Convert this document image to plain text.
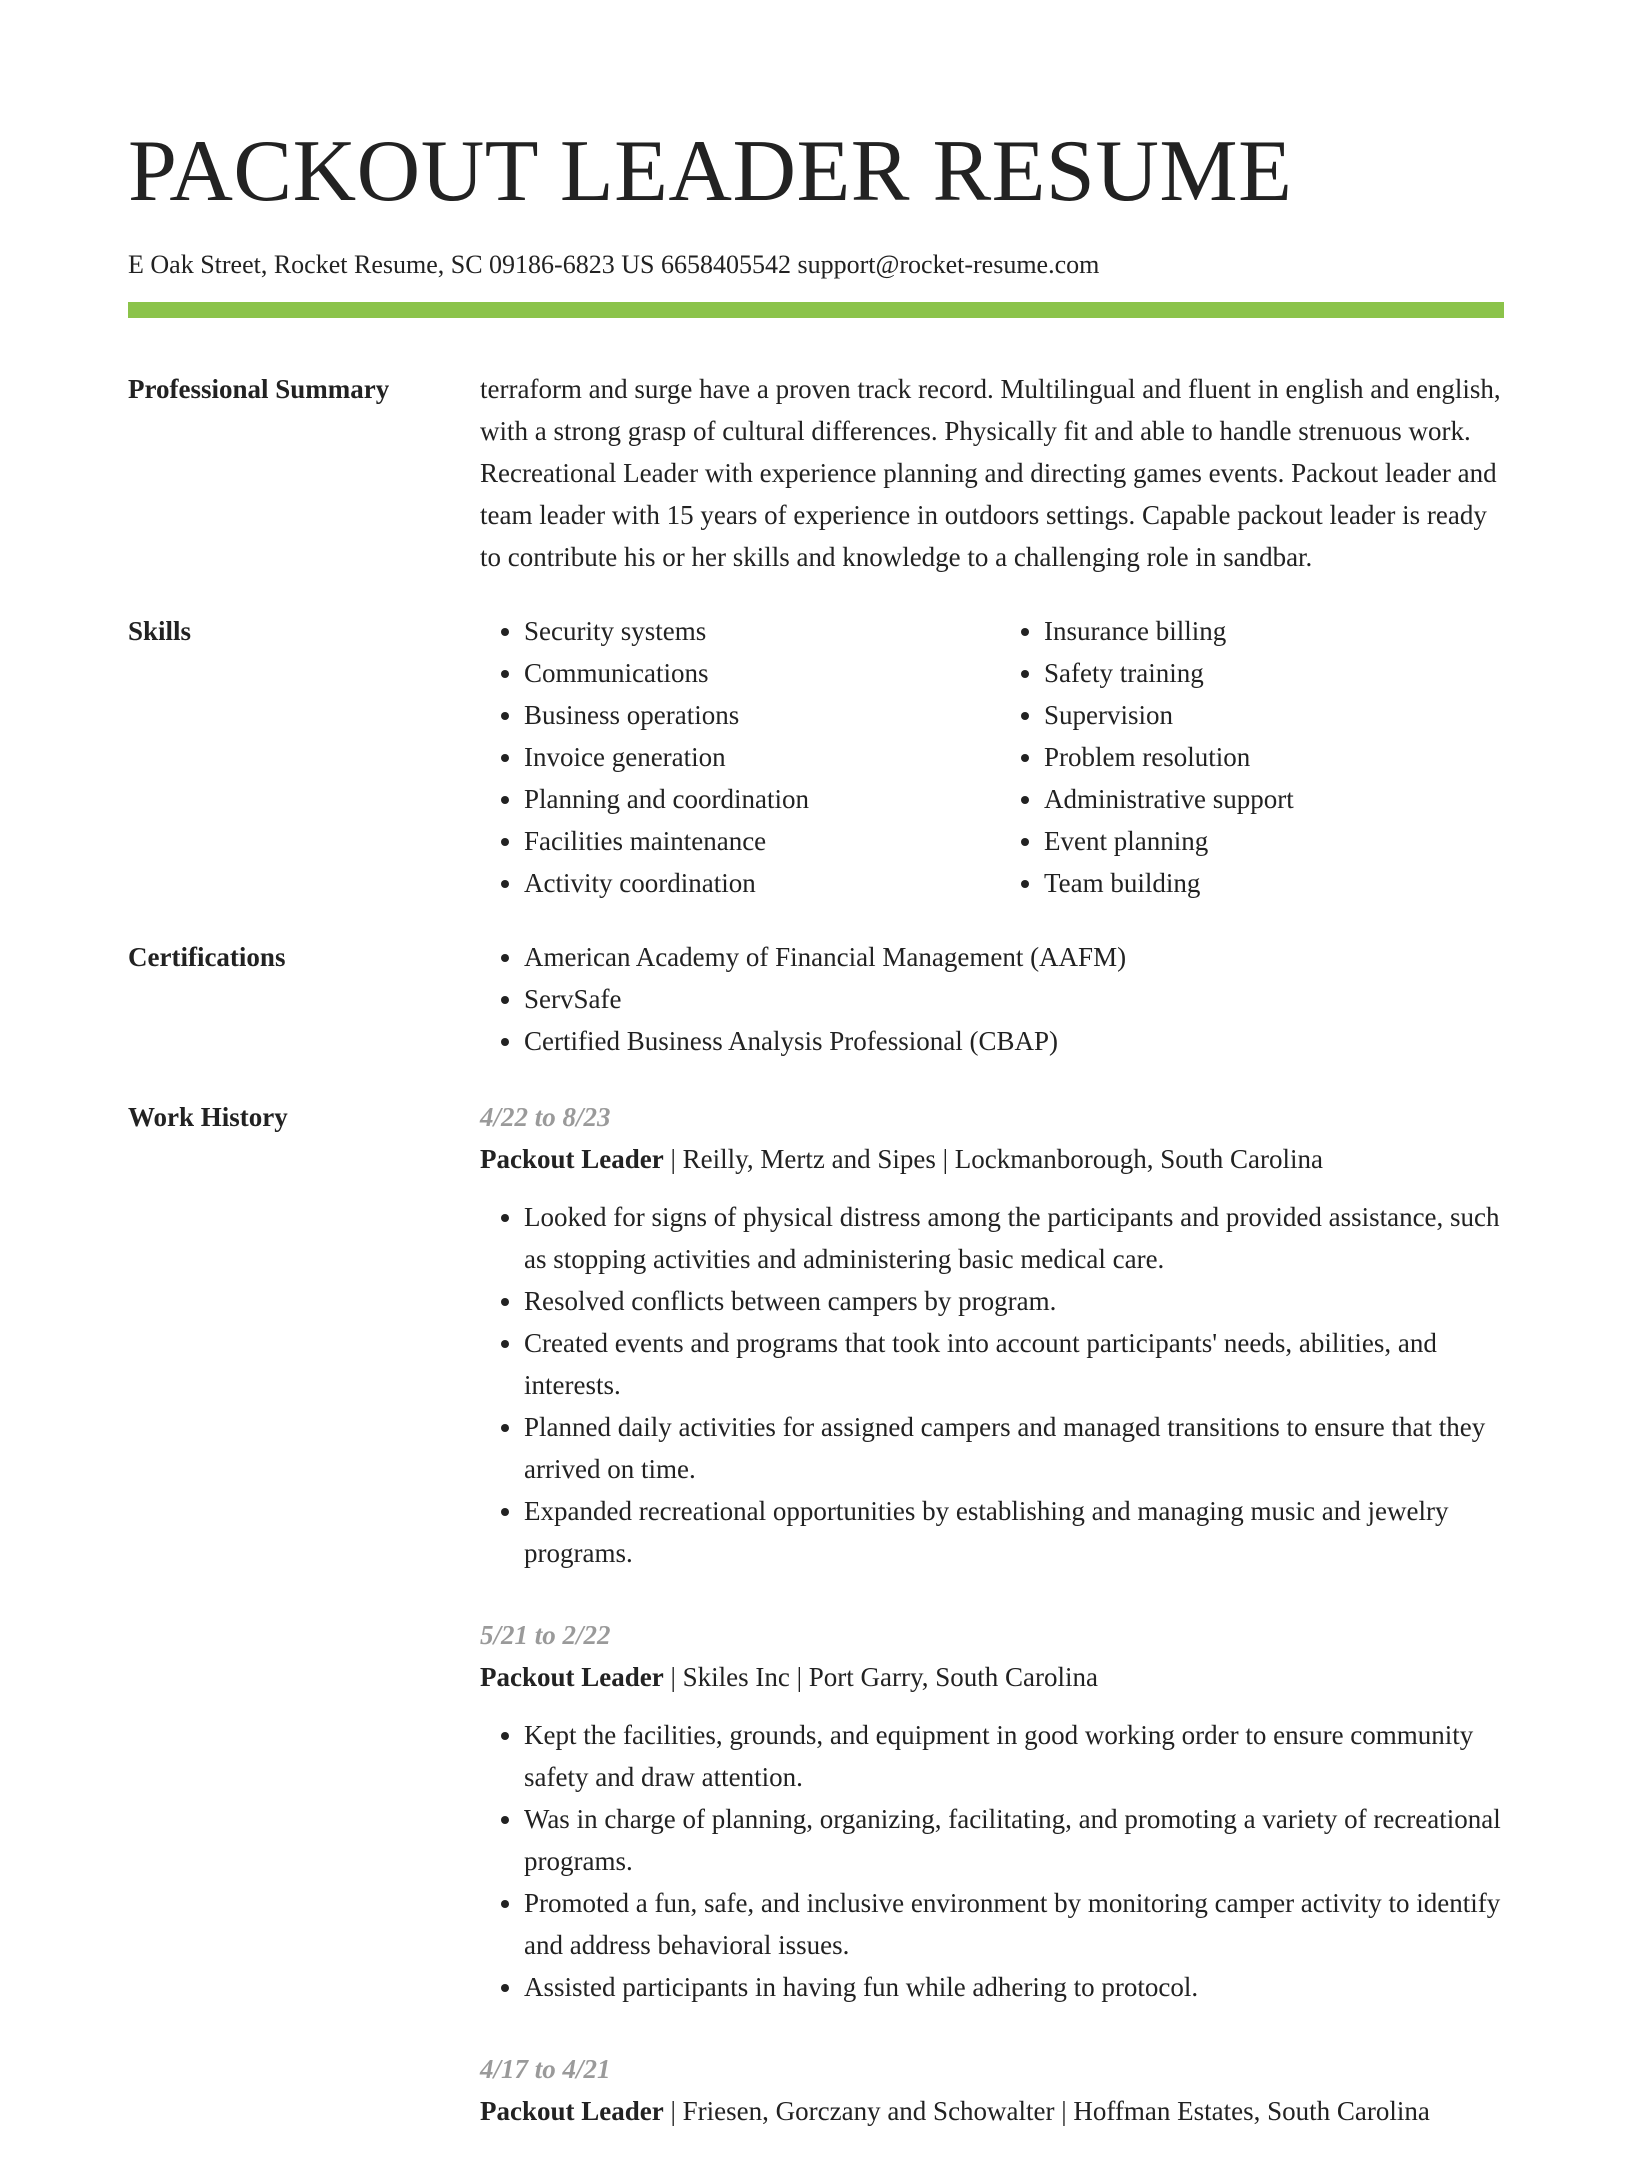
PACKOUT LEADER RESUME
E Oak Street, Rocket Resume, SC 09186-6823 US 6658405542 support@rocket-resume.com
Professional Summary	terraform and surge have a proven track record. Multilingual and fluent in english and english, with a strong grasp of cultural differences. Physically fit and able to handle strenuous work. Recreational Leader with experience planning and directing games events. Packout leader and team leader with 15 years of experience in outdoors settings. Capable packout leader is ready to contribute his or her skills and knowledge to a challenging role in sandbar.
Skills	• Security systems
• Communications
• Business operations
• Invoice generation
• Planning and coordination
• Facilities maintenance
• Activity coordination
• Insurance billing
• Safety training
• Supervision
• Problem resolution
• Administrative support
• Event planning
• Team building
Certifications	• American Academy of Financial Management (AAFM)
• ServSafe
• Certified Business Analysis Professional (CBAP)
Work History	4/22 to 8/23
Packout Leader | Reilly, Mertz and Sipes | Lockmanborough, South Carolina
• Looked for signs of physical distress among the participants and provided assistance, such as stopping activities and administering basic medical care.
• Resolved conflicts between campers by program.
• Created events and programs that took into account participants' needs, abilities, and interests.
• Planned daily activities for assigned campers and managed transitions to ensure that they arrived on time.
• Expanded recreational opportunities by establishing and managing music and jewelry programs.
5/21 to 2/22
Packout Leader | Skiles Inc | Port Garry, South Carolina
• Kept the facilities, grounds, and equipment in good working order to ensure community safety and draw attention.
• Was in charge of planning, organizing, facilitating, and promoting a variety of recreational programs.
• Promoted a fun, safe, and inclusive environment by monitoring camper activity to identify and address behavioral issues.
• Assisted participants in having fun while adhering to protocol.
4/17 to 4/21
Packout Leader | Friesen, Gorczany and Schowalter | Hoffman Estates, South Carolina
